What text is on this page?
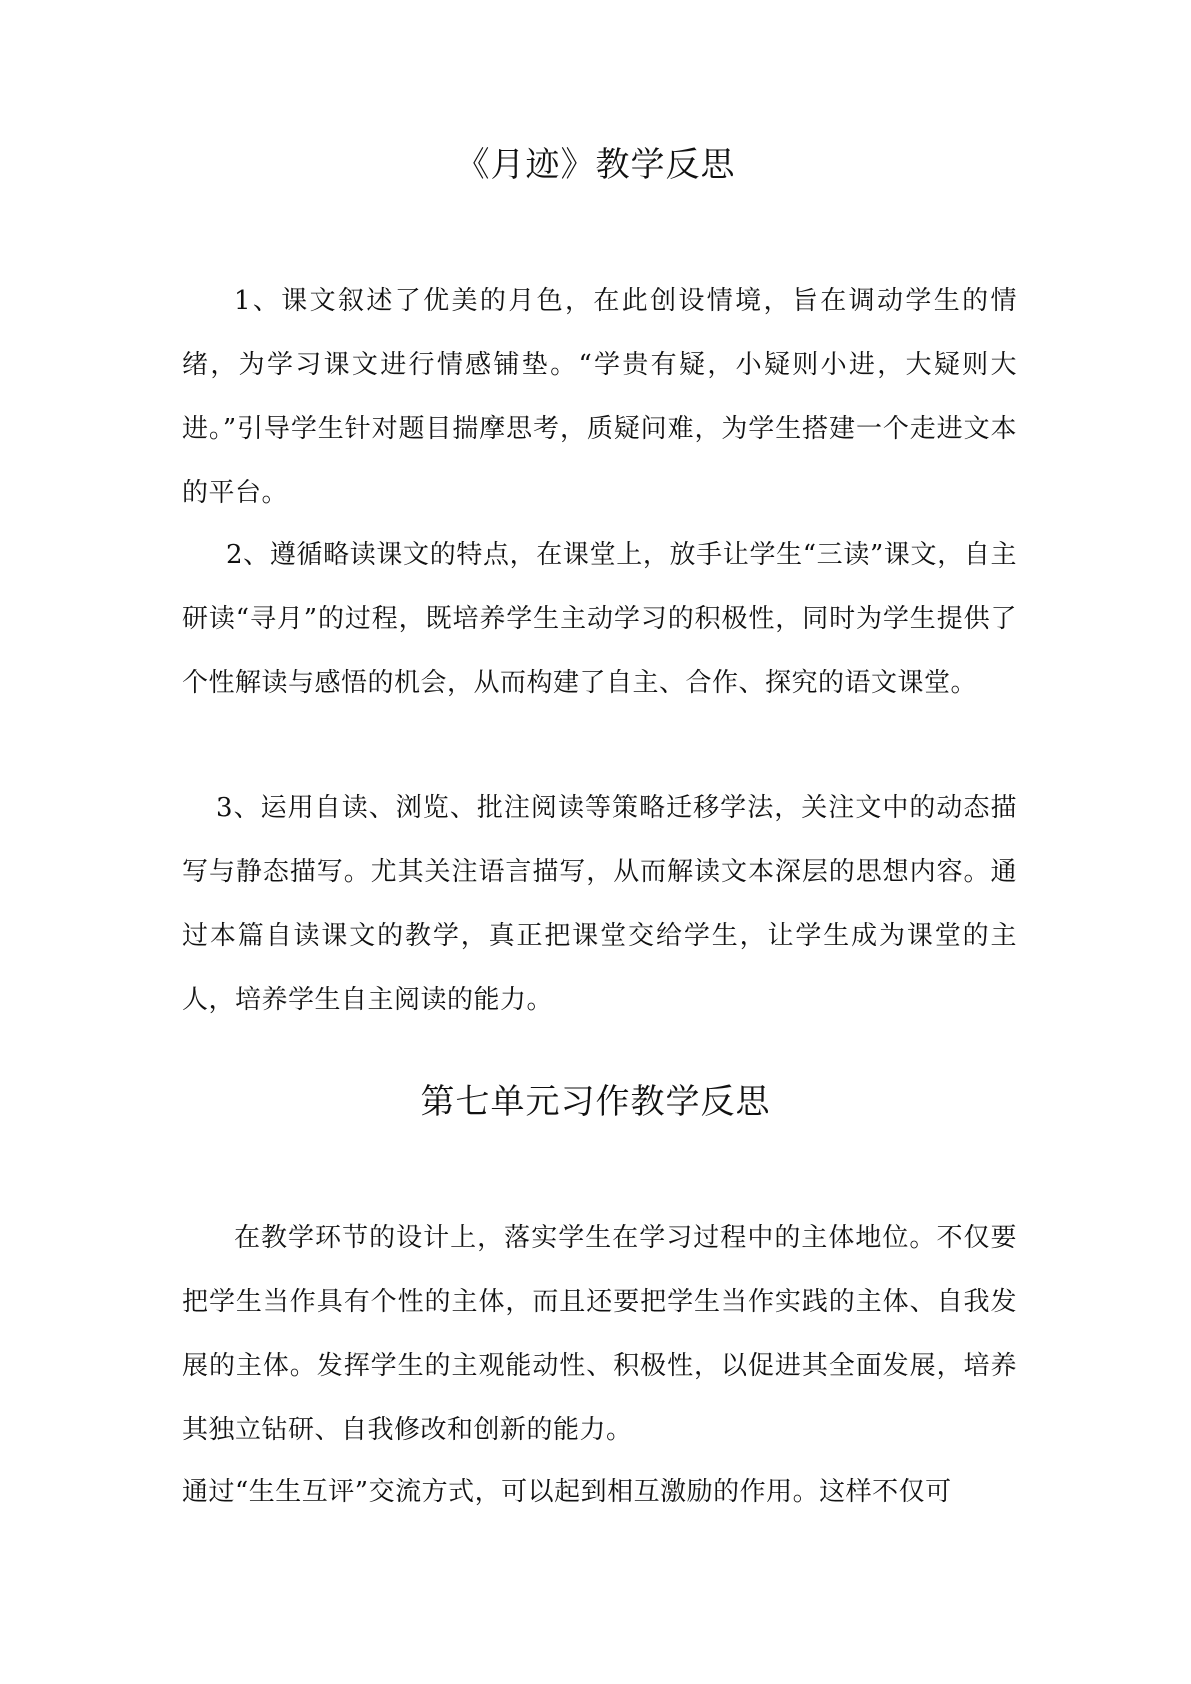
《月迹》教学反思

1、课文叙述了优美的月色，在此创设情境，旨在调动学生的情绪，为学习课文进行情感铺垫。“学贵有疑，小疑则小进，大疑则大进。”引导学生针对题目揣摩思考，质疑问难，为学生搭建一个走进文本的平台。

2、遵循略读课文的特点，在课堂上，放手让学生“三读”课文，自主研读“寻月”的过程，既培养学生主动学习的积极性，同时为学生提供了个性解读与感悟的机会，从而构建了自主、合作、探究的语文课堂。

3、运用自读、浏览、批注阅读等策略迁移学法，关注文中的动态描写与静态描写。尤其关注语言描写，从而解读文本深层的思想内容。通过本篇自读课文的教学，真正把课堂交给学生，让学生成为课堂的主人，培养学生自主阅读的能力。

第七单元习作教学反思

在教学环节的设计上，落实学生在学习过程中的主体地位。不仅要把学生当作具有个性的主体，而且还要把学生当作实践的主体、自我发展的主体。发挥学生的主观能动性、积极性，以促进其全面发展，培养其独立钻研、自我修改和创新的能力。

通过“生生互评”交流方式，可以起到相互激励的作用。这样不仅可
